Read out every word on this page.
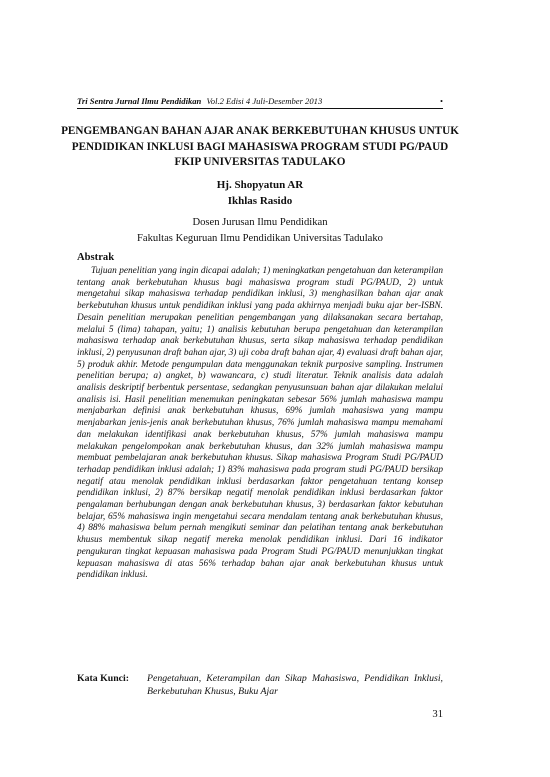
Tri Sentra Jurnal Ilmu Pendidikan Vol.2 Edisi 4 Juli-Desember 2013	•
PENGEMBANGAN BAHAN AJAR ANAK BERKEBUTUHAN KHUSUS UNTUK PENDIDIKAN INKLUSI BAGI MAHASISWA PROGRAM STUDI PG/PAUD FKIP UNIVERSITAS TADULAKO
Hj. Shopyatun AR
Ikhlas Rasido
Dosen Jurusan Ilmu Pendidikan
Fakultas Keguruan Ilmu Pendidikan Universitas Tadulako
Abstrak

Tujuan penelitian yang ingin dicapai adalah; 1) meningkatkan pengetahuan dan keterampilan tentang anak berkebutuhan khusus bagi mahasiswa program studi PG/PAUD, 2) untuk mengetahui sikap mahasiswa terhadap pendidikan inklusi, 3) menghasilkan bahan ajar anak berkebutuhan khusus untuk pendidikan inklusi yang pada akhirnya menjadi buku ajar ber-ISBN. Desain penelitian merupakan penelitian pengembangan yang dilaksanakan secara bertahap, melalui 5 (lima) tahapan, yaitu; 1) analisis kebutuhan berupa pengetahuan dan keterampilan mahasiswa terhadap anak berkebutuhan khusus, serta sikap mahasiswa terhadap pendidikan inklusi, 2) penyusunan draft bahan ajar, 3) uji coba draft bahan ajar, 4) evaluasi draft bahan ajar, 5) produk akhir. Metode pengumpulan data menggunakan teknik purposive sampling. Instrumen penelitian berupa; a) angket, b) wawancara, c) studi literatur. Teknik analisis data adalah analisis deskriptif berbentuk persentase, sedangkan penyusunsuan bahan ajar dilakukan melalui analisis isi. Hasil penelitian menemukan peningkatan sebesar 56% jumlah mahasiswa mampu menjabarkan definisi anak berkebutuhan khusus, 69% jumlah mahasiswa yang mampu menjabarkan jenis-jenis anak berkebutuhan khusus, 76% jumlah mahasiswa mampu memahami dan melakukan identifikasi anak berkebutuhan khusus, 57% jumlah mahasiswa mampu melakukan pengelompokan anak berkebutuhan khusus, dan 32% jumlah mahasiswa mampu membuat pembelajaran anak berkebutuhan khusus. Sikap mahasiswa Program Studi PG/PAUD terhadap pendidikan inklusi adalah; 1) 83% mahasiswa pada program studi PG/PAUD bersikap negatif atau menolak pendidikan inklusi berdasarkan faktor pengetahuan tentang konsep pendidikan inklusi, 2) 87% bersikap negatif menolak pendidikan inklusi berdasarkan faktor pengalaman berhubungan dengan anak berkebutuhan khusus, 3) berdasarkan faktor kebutuhan belajar, 65% mahasiswa ingin mengetahui secara mendalam tentang anak berkebutuhan khusus, 4) 88% mahasiswa belum pernah mengikuti seminar dan pelatihan tentang anak berkebutuhan khusus membentuk sikap negatif mereka menolak pendidikan inklusi. Dari 16 indikator pengukuran tingkat kepuasan mahasiswa pada Program Studi PG/PAUD menunjukkan tingkat kepuasan mahasiswa di atas 56% terhadap bahan ajar anak berkebutuhan khusus untuk pendidikan inklusi.

Kata Kunci: Pengetahuan, Keterampilan dan Sikap Mahasiswa, Pendidikan Inklusi, Berkebutuhan Khusus, Buku Ajar
31
